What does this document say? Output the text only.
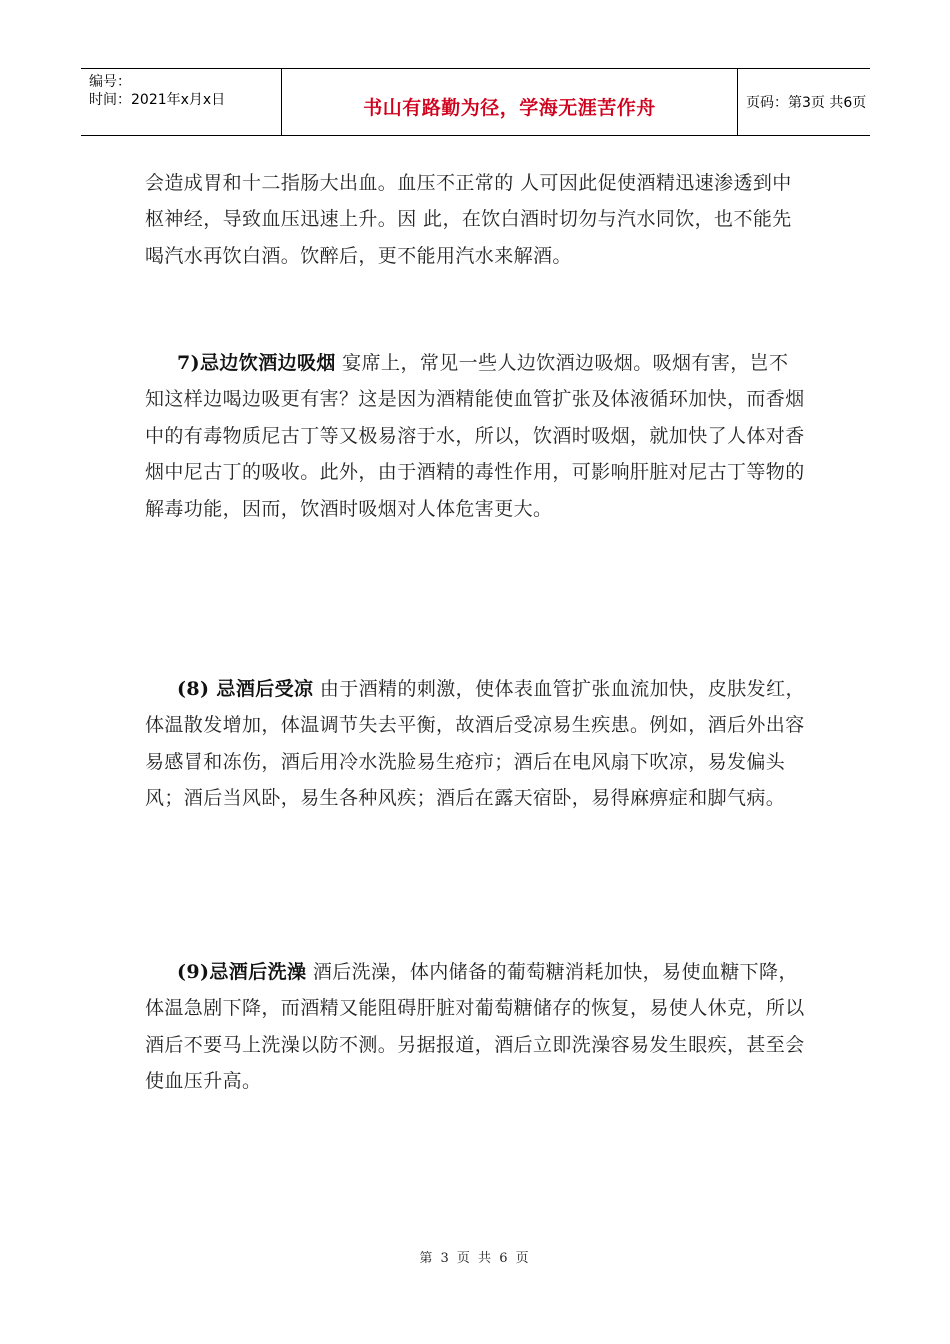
编号：
时间：2021年x月x日	书山有路勤为径，学海无涯苦作舟	页码：第3页 共6页

会造成胃和十二指肠大出血。血压不正常的 人可因此促使酒精迅速渗透到中枢神经，导致血压迅速上升。因 此，在饮白酒时切勿与汽水同饮，也不能先喝汽水再饮白酒。饮醉后，更不能用汽水来解酒。

7)忌边饮酒边吸烟 宴席上，常见一些人边饮酒边吸烟。吸烟有害，岂不知这样边喝边吸更有害？这是因为酒精能使血管扩张及体液循环加快，而香烟中的有毒物质尼古丁等又极易溶于水，所以，饮酒时吸烟，就加快了人体对香烟中尼古丁的吸收。此外，由于酒精的毒性作用，可影响肝脏对尼古丁等物的解毒功能，因而，饮酒时吸烟对人体危害更大。

(8) 忌酒后受凉 由于酒精的刺激，使体表血管扩张血流加快，皮肤发红，体温散发增加，体温调节失去平衡，故酒后受凉易生疾患。例如，酒后外出容易感冒和冻伤，酒后用冷水洗脸易生疮疖；酒后在电风扇下吹凉，易发偏头风；酒后当风卧，易生各种风疾；酒后在露天宿卧，易得麻痹症和脚气病。

(9)忌酒后洗澡 酒后洗澡，体内储备的葡萄糖消耗加快，易使血糖下降，体温急剧下降，而酒精又能阻碍肝脏对葡萄糖储存的恢复，易使人休克，所以酒后不要马上洗澡以防不测。另据报道，酒后立即洗澡容易发生眼疾，甚至会使血压升高。

第 3 页 共 6 页
